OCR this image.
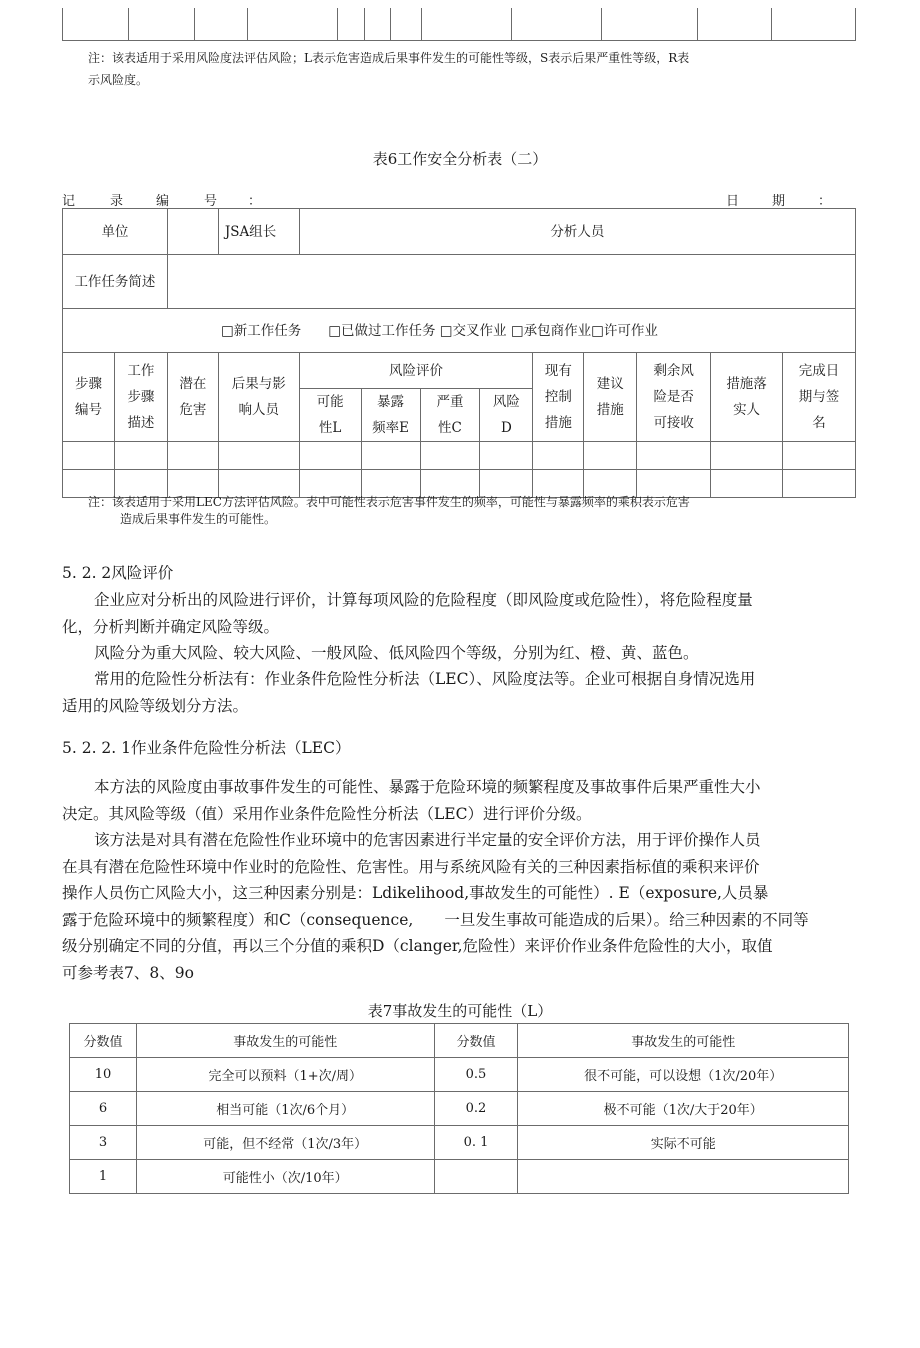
注：该表适用于采用风险度法评估风险；L表示危害造成后果事件发生的可能性等级，S表示后果严重性等级，R表
示风险度。
表6工作安全分析表（二）
记	录	编	号 ：	日	期	：
单位			JSA组长	分析人员								
工作任务简述												
□新工作任务　　□已做过工作任务 □交叉作业 □承包商作业□许可作业												
步骤编号	工作步骤描述	潜在危害	后果与影响人员	风险评价				现有控制措施	建议措施	剩余风险是否可接收	措施落实人	完成日期与签名
				可能性L	暴露频率E	严重性C	风险D					

注：该表适用于采用LEC方法评估风险。表中可能性表示危害事件发生的频率，可能性与暴露频率的乘积表示危害
造成后果事件发生的可能性。
5. 2. 2风险评价
企业应对分析出的风险进行评价，计算每项风险的危险程度（即风险度或危险性），将危险程度量
化，分析判断并确定风险等级。
风险分为重大风险、较大风险、一般风险、低风险四个等级，分别为红、橙、黄、蓝色。
常用的危险性分析法有：作业条件危险性分析法（LEC）、风险度法等。企业可根据自身情况选用
适用的风险等级划分方法。
5. 2. 2. 1作业条件危险性分析法（LEC）
本方法的风险度由事故事件发生的可能性、暴露于危险环境的频繁程度及事故事件后果严重性大小
决定。其风险等级（值）采用作业条件危险性分析法（LEC）进行评价分级。
该方法是对具有潜在危险性作业环境中的危害因素进行半定量的安全评价方法，用于评价操作人员
在具有潜在危险性环境中作业时的危险性、危害性。用与系统风险有关的三种因素指标值的乘积来评价
操作人员伤亡风险大小，这三种因素分别是：Ldikelihood,事故发生的可能性）. E（exposure,人员暴
露于危险环境中的频繁程度）和C（consequence,　　一旦发生事故可能造成的后果）。给三种因素的不同等
级分别确定不同的分值，再以三个分值的乘积D（clanger,危险性）来评价作业条件危险性的大小，取值
可参考表7、8、9o
表7事故发生的可能性（L）
分数值	事故发生的可能性	分数值	事故发生的可能性
10	完全可以预料（1+次/周）	0.5	很不可能，可以设想（1次/20年）
6	相当可能（1次/6个月）	0.2	极不可能（1次/大于20年）
3	可能，但不经常（1次/3年）	0. 1	实际不可能
1	可能性小（次/10年）		
